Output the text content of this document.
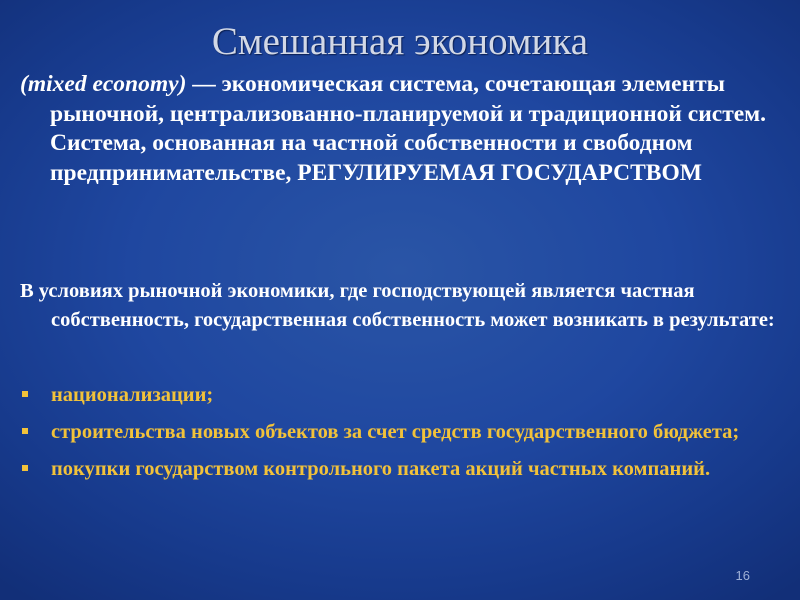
Смешанная экономика
(mixed economy) — экономическая система, сочетающая элементы рыночной, централизованно-планируемой и традиционной систем. Система, основанная на частной собственности и свободном предпринимательстве, РЕГУЛИРУЕМАЯ ГОСУДАРСТВОМ
В условиях рыночной экономики, где господствующей является частная собственность, государственная собственность может возникать в результате:
национализации;
строительства новых объектов за счет средств государственного бюджета;
покупки государством контрольного пакета акций частных компаний.
16
